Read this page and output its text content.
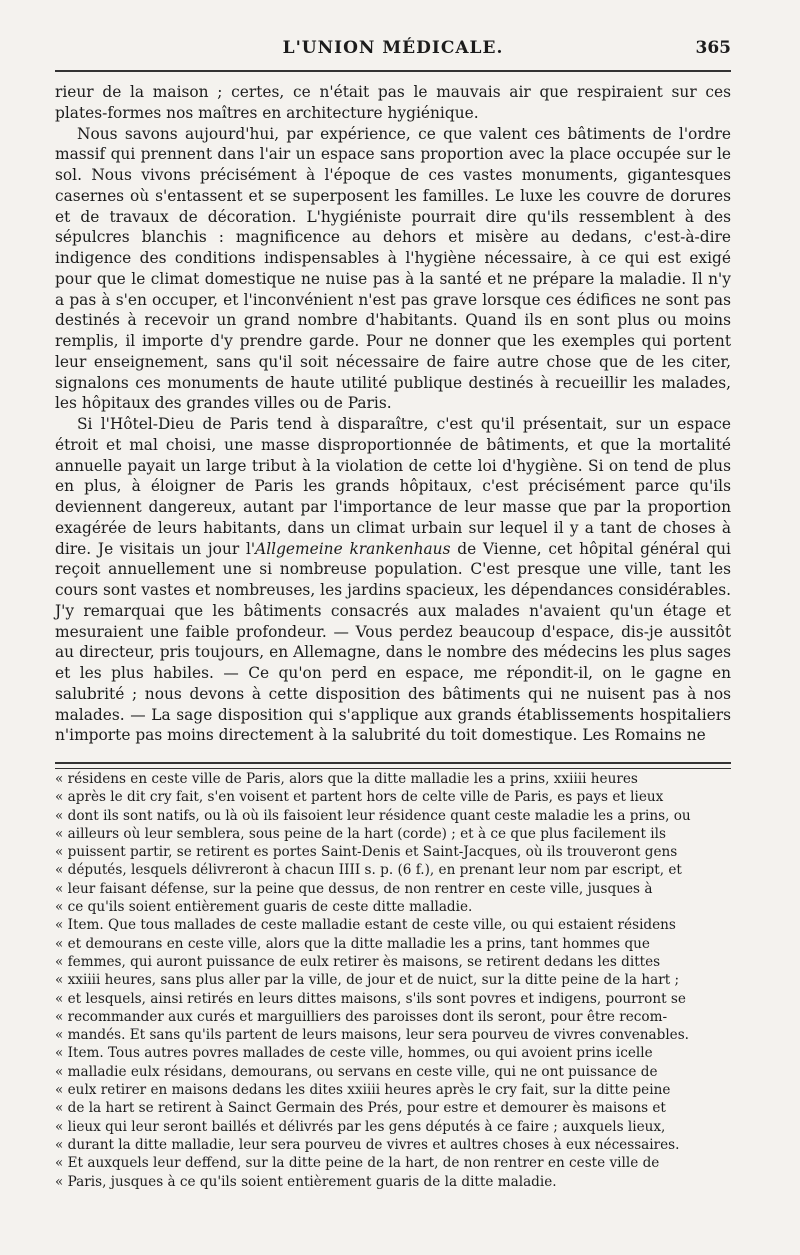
L'UNION MÉDICALE.	365

rieur de la maison ; certes, ce n'était pas le mauvais air que respiraient sur ces plates-formes nos maîtres en architecture hygiénique.

Nous savons aujourd'hui, par expérience, ce que valent ces bâtiments de l'ordre massif qui prennent dans l'air un espace sans proportion avec la place occupée sur le sol. Nous vivons précisément à l'époque de ces vastes monuments, gigantesques casernes où s'entassent et se superposent les familles. Le luxe les couvre de dorures et de travaux de décoration. L'hygiéniste pourrait dire qu'ils ressemblent à des sépulcres blanchis : magnificence au dehors et misère au dedans, c'est-à-dire indigence des conditions indispensables à l'hygiène nécessaire, à ce qui est exigé pour que le climat domestique ne nuise pas à la santé et ne prépare la maladie. Il n'y a pas à s'en occuper, et l'inconvénient n'est pas grave lorsque ces édifices ne sont pas destinés à recevoir un grand nombre d'habitants. Quand ils en sont plus ou moins remplis, il importe d'y prendre garde. Pour ne donner que les exemples qui portent leur enseignement, sans qu'il soit nécessaire de faire autre chose que de les citer, signalons ces monuments de haute utilité publique destinés à recueillir les malades, les hôpitaux des grandes villes ou de Paris.

Si l'Hôtel-Dieu de Paris tend à disparaître, c'est qu'il présentait, sur un espace étroit et mal choisi, une masse disproportionnée de bâtiments, et que la mortalité annuelle payait un large tribut à la violation de cette loi d'hygiène. Si on tend de plus en plus, à éloigner de Paris les grands hôpitaux, c'est précisément parce qu'ils deviennent dangereux, autant par l'importance de leur masse que par la proportion exagérée de leurs habitants, dans un climat urbain sur lequel il y a tant de choses à dire. Je visitais un jour l'Allgemeine krankenhaus de Vienne, cet hôpital général qui reçoit annuellement une si nombreuse population. C'est presque une ville, tant les cours sont vastes et nombreuses, les jardins spacieux, les dépendances considérables. J'y remarquai que les bâtiments consacrés aux malades n'avaient qu'un étage et mesuraient une faible profondeur. — Vous perdez beaucoup d'espace, dis-je aussitôt au directeur, pris toujours, en Allemagne, dans le nombre des médecins les plus sages et les plus habiles. — Ce qu'on perd en espace, me répondit-il, on le gagne en salubrité ; nous devons à cette disposition des bâtiments qui ne nuisent pas à nos malades. — La sage disposition qui s'applique aux grands établissements hospitaliers n'importe pas moins directement à la salubrité du toit domestique. Les Romains ne

« résidens en ceste ville de Paris, alors que la ditte malladie les a prins, xxiiii heures
« après le dit cry fait, s'en voisent et partent hors de celte ville de Paris, es pays et lieux
« dont ils sont natifs, ou là où ils faisoient leur résidence quant ceste maladie les a prins, ou
« ailleurs où leur semblera, sous peine de la hart (corde) ; et à ce que plus facilement ils
« puissent partir, se retirent es portes Saint-Denis et Saint-Jacques, où ils trouveront gens
« députés, lesquels délivreront à chacun IIII s. p. (6 f.), en prenant leur nom par escript, et
« leur faisant défense, sur la peine que dessus, de non rentrer en ceste ville, jusques à
« ce qu'ils soient entièrement guaris de ceste ditte malladie.
« Item. Que tous mallades de ceste malladie estant de ceste ville, ou qui estaient résidens
« et demourans en ceste ville, alors que la ditte malladie les a prins, tant hommes que
« femmes, qui auront puissance de eulx retirer ès maisons, se retirent dedans les dittes
« xxiiii heures, sans plus aller par la ville, de jour et de nuict, sur la ditte peine de la hart ;
« et lesquels, ainsi retirés en leurs dittes maisons, s'ils sont povres et indigens, pourront se
« recommander aux curés et marguilliers des paroisses dont ils seront, pour être recom-
« mandés. Et sans qu'ils partent de leurs maisons, leur sera pourveu de vivres convenables.
« Item. Tous autres povres mallades de ceste ville, hommes, ou qui avoient prins icelle
« malladie eulx résidans, demourans, ou servans en ceste ville, qui ne ont puissance de
« eulx retirer en maisons dedans les dites xxiiii heures après le cry fait, sur la ditte peine
« de la hart se retirent à Sainct Germain des Prés, pour estre et demourer ès maisons et
« lieux qui leur seront baillés et délivrés par les gens députés à ce faire ; auxquels lieux,
« durant la ditte malladie, leur sera pourveu de vivres et aultres choses à eux nécessaires.
« Et auxquels leur deffend, sur la ditte peine de la hart, de non rentrer en ceste ville de
« Paris, jusques à ce qu'ils soient entièrement guaris de la ditte maladie.
